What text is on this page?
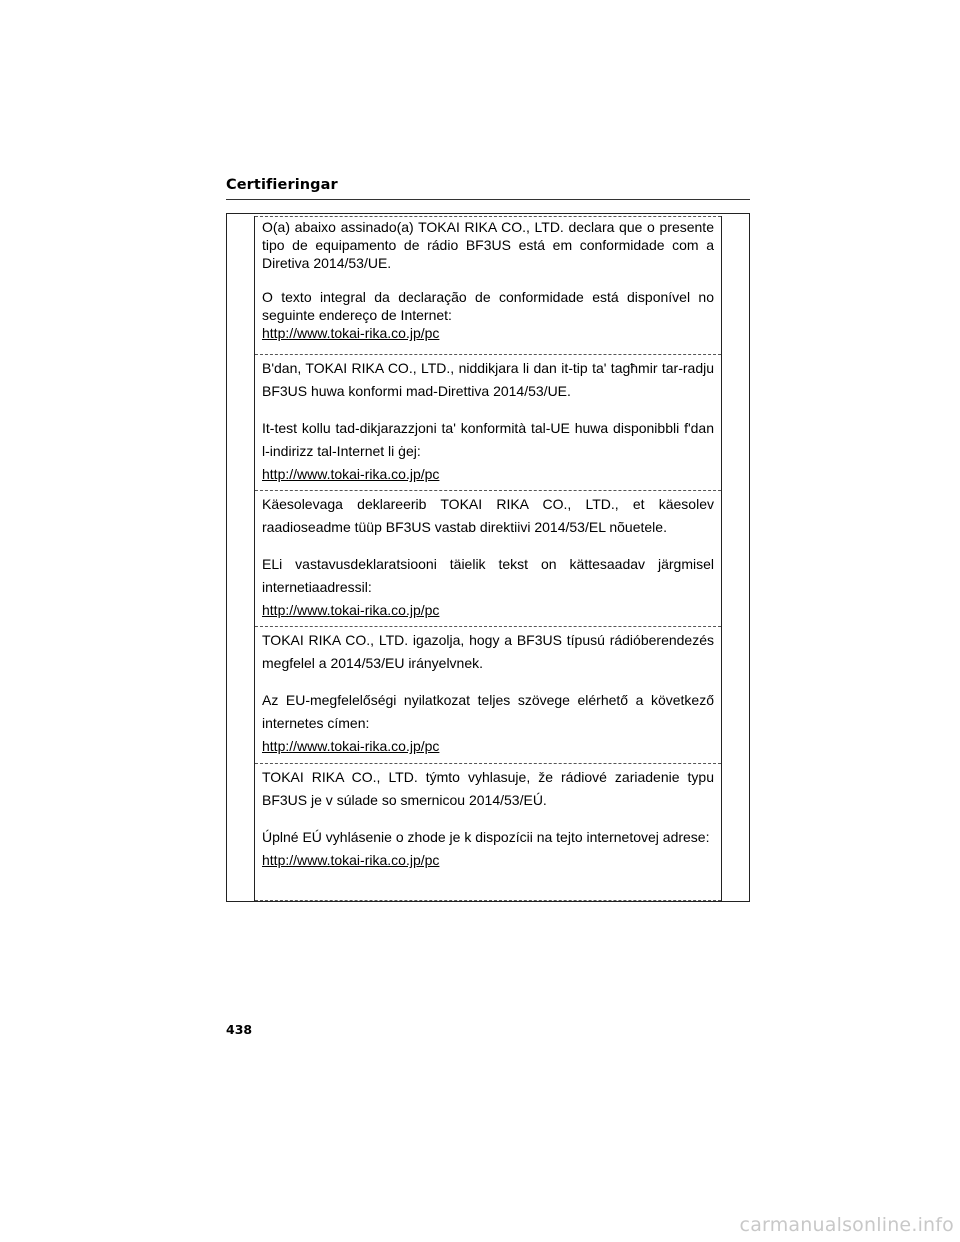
Certifieringar

O(a) abaixo assinado(a) TOKAI RIKA CO., LTD. declara que o presente tipo de equipamento de rádio BF3US está em conformidade com a Diretiva 2014/53/UE.

O texto integral da declaração de conformidade está disponível no seguinte endereço de Internet:

http://www.tokai-rika.co.jp/pc

B'dan, TOKAI RIKA CO., LTD., niddikjara li dan it-tip ta' tagħmir tar-radju BF3US huwa konformi mad-Direttiva 2014/53/UE.

It-test kollu tad-dikjarazzjoni ta' konformità tal-UE huwa disponibbli f'dan l-indirizz tal-Internet li ġej:

http://www.tokai-rika.co.jp/pc

Käesolevaga deklareerib TOKAI RIKA CO., LTD., et käesolev raadioseadme tüüp BF3US vastab direktiivi 2014/53/EL nõuetele.

ELi vastavusdeklaratsiooni täielik tekst on kättesaadav järgmisel internetiaadressil:

http://www.tokai-rika.co.jp/pc

TOKAI RIKA CO., LTD. igazolja, hogy a BF3US típusú rádióberendezés megfelel a 2014/53/EU irányelvnek.

Az EU-megfelelőségi nyilatkozat teljes szövege elérhető a következő internetes címen:

http://www.tokai-rika.co.jp/pc

TOKAI RIKA CO., LTD. týmto vyhlasuje, že rádiové zariadenie typu BF3US je v súlade so smernicou 2014/53/EÚ.

Úplné EÚ vyhlásenie o zhode je k dispozícii na tejto internetovej adrese:

http://www.tokai-rika.co.jp/pc
438
carmanualsonline.info
